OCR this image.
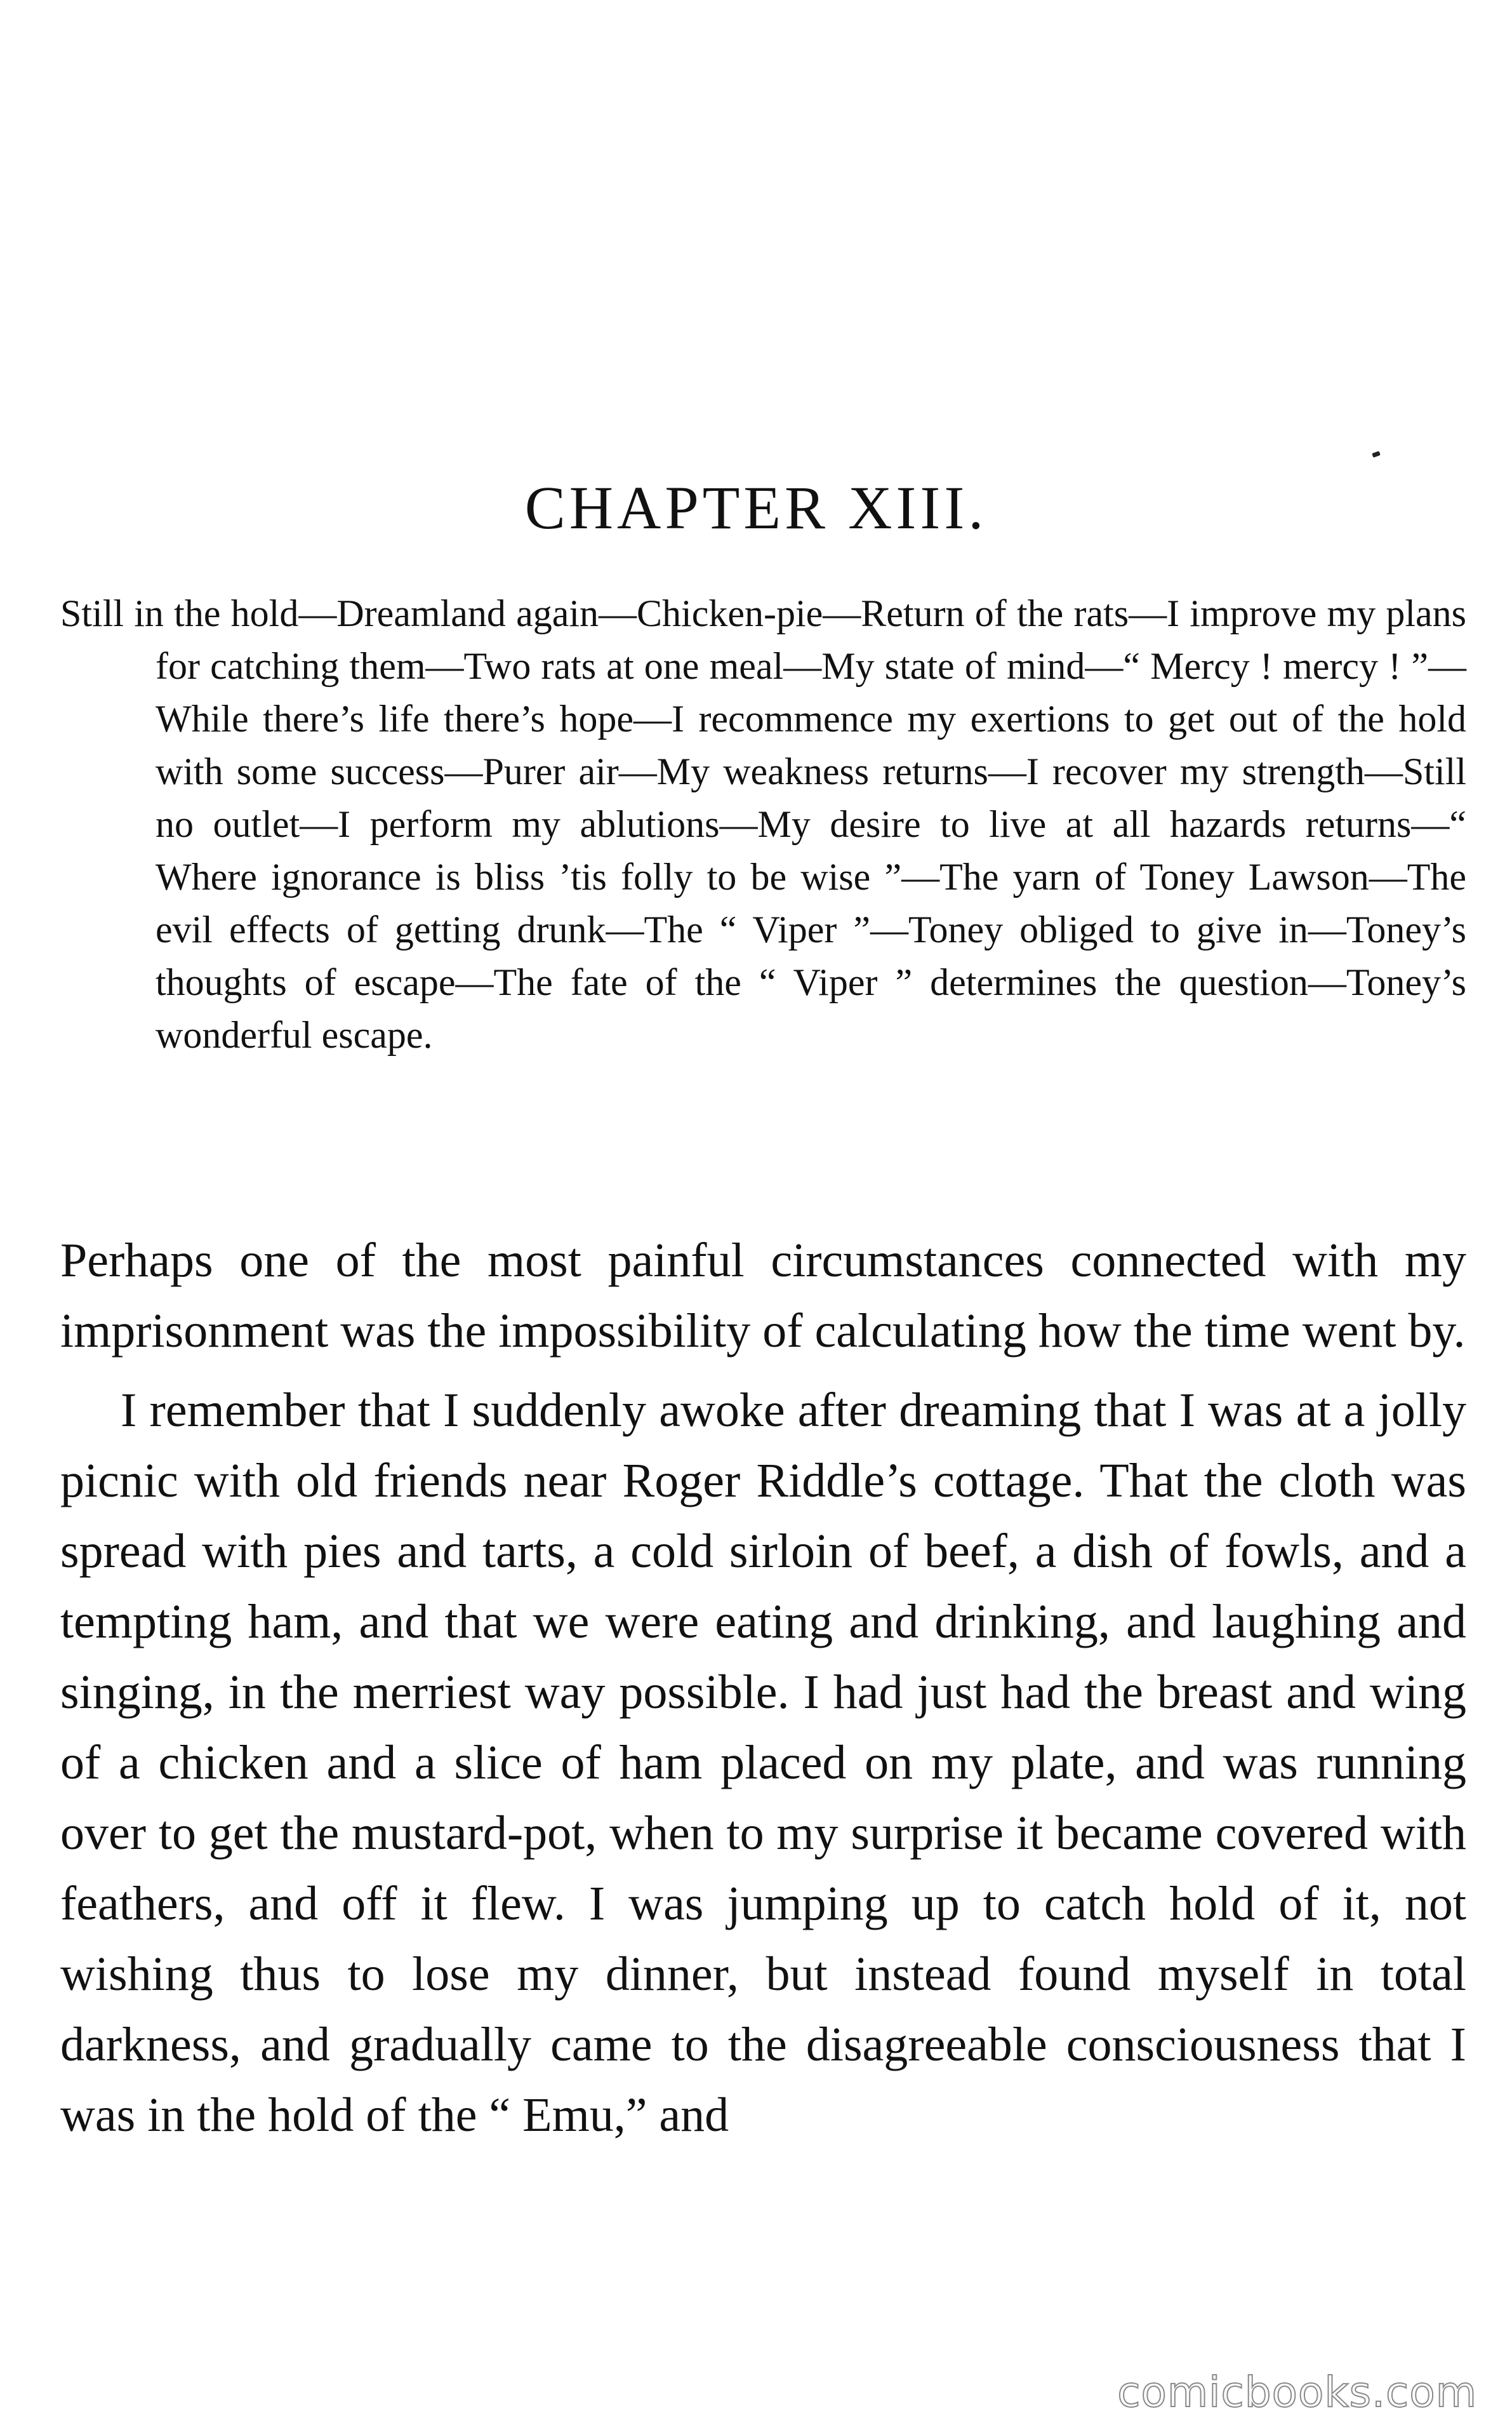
CHAPTER XIII.
Still in the hold—Dreamland again—Chicken-pie—Return of the rats—I improve my plans for catching them—Two rats at one meal—My state of mind—“ Mercy ! mercy ! ”—While there’s life there’s hope—I recommence my exertions to get out of the hold with some success—Purer air—My weakness returns—I recover my strength—Still no outlet—I perform my ablutions—My desire to live at all hazards returns—“ Where ignorance is bliss ’tis folly to be wise ”—The yarn of Toney Lawson—The evil effects of getting drunk—The “ Viper ”—Toney obliged to give in—Toney’s thoughts of escape—The fate of the “ Viper ” determines the question—Toney’s wonderful escape.

Perhaps one of the most painful circumstances connected with my imprisonment was the impossibility of calculating how the time went by.

I remember that I suddenly awoke after dreaming that I was at a jolly picnic with old friends near Roger Riddle’s cottage. That the cloth was spread with pies and tarts, a cold sirloin of beef, a dish of fowls, and a tempting ham, and that we were eating and drinking, and laughing and singing, in the merriest way possible. I had just had the breast and wing of a chicken and a slice of ham placed on my plate, and was running over to get the mustard-pot, when to my surprise it became covered with feathers, and off it flew. I was jumping up to catch hold of it, not wishing thus to lose my dinner, but instead found myself in total darkness, and gradually came to the disagreeable consciousness that I was in the hold of the “ Emu,” and

comicbooks.com
